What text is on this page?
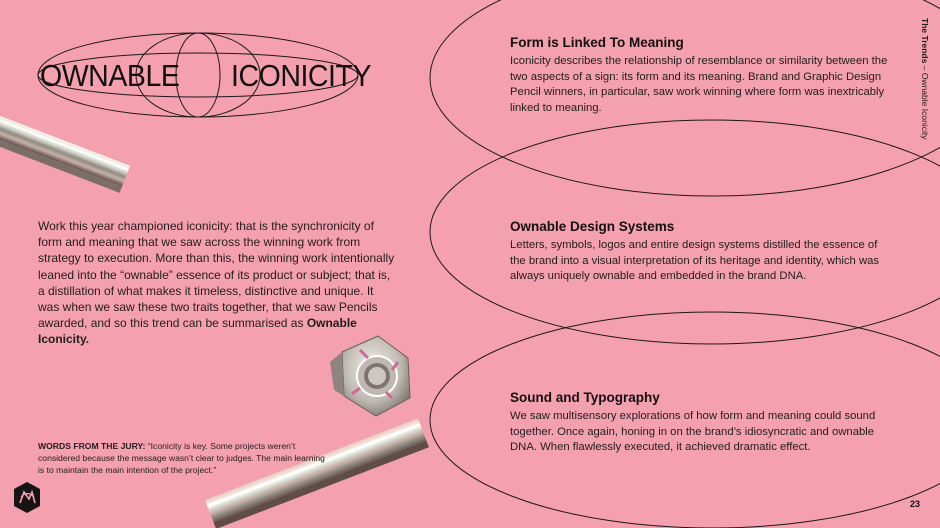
OWNABLE ICONICITY
The Trends – Ownable Iconicity
Work this year championed iconicity: that is the synchronicity of form and meaning that we saw across the winning work from strategy to execution. More than this, the winning work intentionally leaned into the “ownable” essence of its product or subject; that is, a distillation of what makes it timeless, distinctive and unique. It was when we saw these two traits together, that we saw Pencils awarded, and so this trend can be summarised as Ownable Iconicity.
Form is Linked To Meaning

Iconicity describes the relationship of resemblance or similarity between the two aspects of a sign: its form and its meaning. Brand and Graphic Design Pencil winners, in particular, saw work winning where form was inextricably linked to meaning.

Ownable Design Systems

Letters, symbols, logos and entire design systems distilled the essence of the brand into a visual interpretation of its heritage and identity, which was always uniquely ownable and embedded in the brand DNA.

Sound and Typography

We saw multisensory explorations of how form and meaning could sound together. Once again, honing in on the brand’s idiosyncratic and ownable DNA. When flawlessly executed, it achieved dramatic effect.

WORDS FROM THE JURY: “Iconicity is key. Some projects weren’t considered because the message wasn’t clear to judges. The main learning is to maintain the main intention of the project.”
23
